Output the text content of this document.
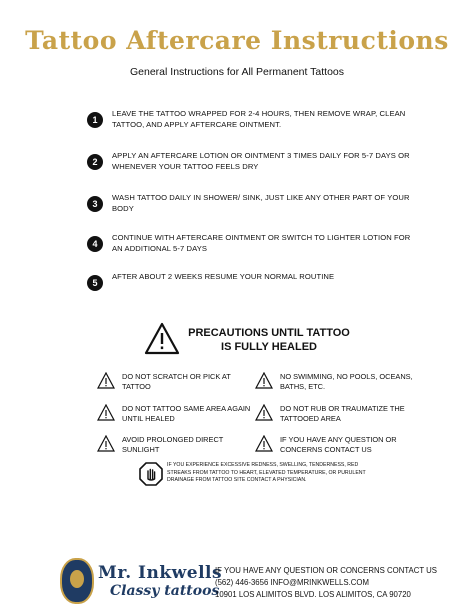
Tattoo Aftercare Instructions
General Instructions for All Permanent Tattoos
1
LEAVE THE TATTOO WRAPPED FOR 2-4 HOURS, THEN REMOVE WRAP, CLEAN TATTOO, AND APPLY AFTERCARE OINTMENT.
2
APPLY AN AFTERCARE LOTION OR OINTMENT 3 TIMES DAILY FOR 5-7 DAYS OR WHENEVER YOUR TATTOO FEELS DRY
3
WASH TATTOO DAILY IN SHOWER/ SINK, JUST LIKE ANY OTHER PART OF YOUR BODY
4
CONTINUE WITH AFTERCARE OINTMENT OR SWITCH TO LIGHTER LOTION FOR AN ADDITIONAL 5-7 DAYS
5
AFTER ABOUT 2 WEEKS RESUME YOUR NORMAL ROUTINE
PRECAUTIONS UNTIL TATTOO
IS FULLY HEALED
DO NOT SCRATCH OR PICK AT TATTOO
NO SWIMMING, NO POOLS, OCEANS, BATHS, ETC.
DO NOT TATTOO SAME AREA AGAIN UNTIL HEALED
DO NOT RUB OR TRAUMATIZE THE TATTOOED AREA
AVOID PROLONGED DIRECT SUNLIGHT
IF YOU HAVE ANY QUESTION OR CONCERNS CONTACT US
IF YOU EXPERIENCE EXCESSIVE REDNESS, SWELLING, TENDERNESS, RED STREAKS FROM TATTOO TO HEART, ELEVATED TEMPERATURE, OR PURULENT DRAINAGE FROM TATTOO SITE CONTACT A PHYSICIAN.
Mr. Inkwells
Classy tattoos
IF YOU HAVE ANY QUESTION OR CONCERNS CONTACT US
(562) 446-3656 INFO@MRINKWELLS.COM
10901 LOS ALIMITOS BLVD. LOS ALIMITOS, CA 90720
